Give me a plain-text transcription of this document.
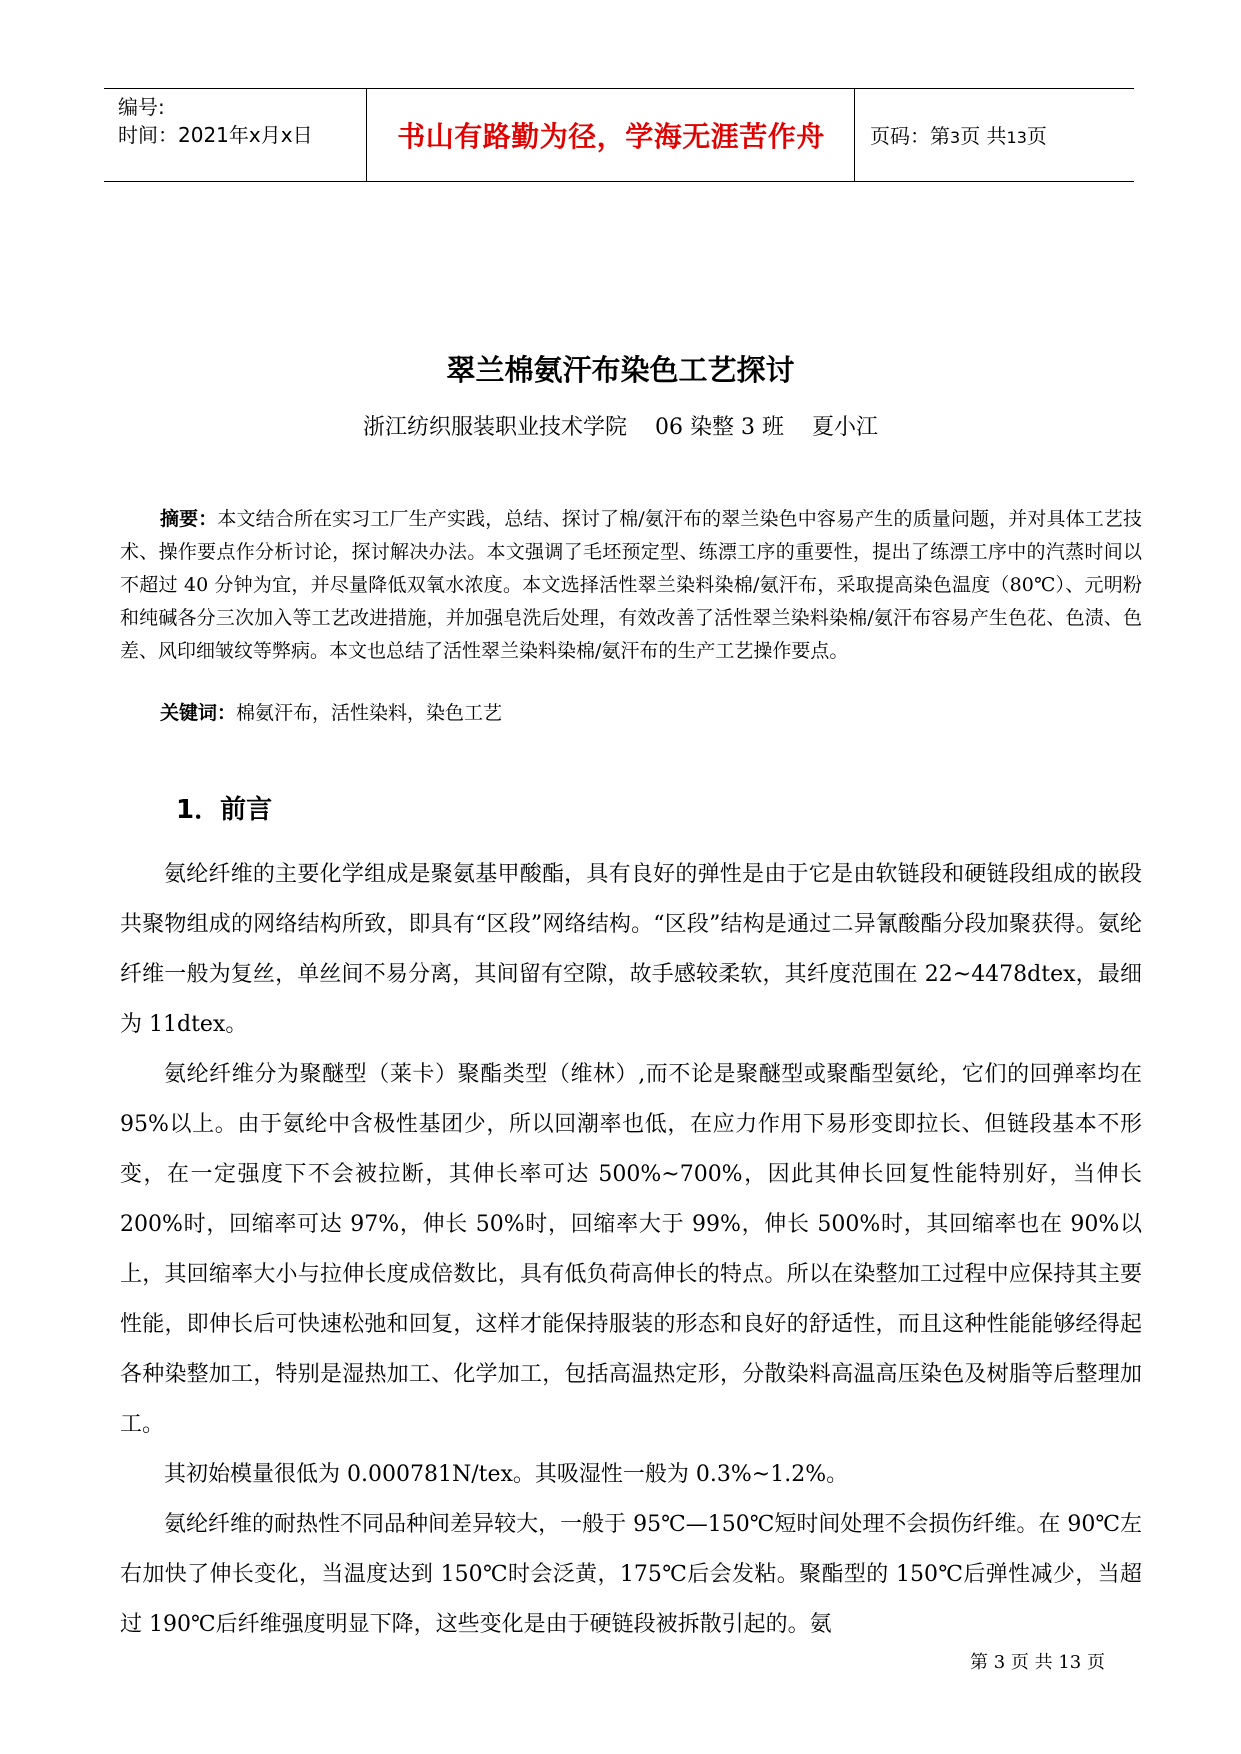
编号:
时间：2021年x月x日	书山有路勤为径，学海无涯苦作舟	页码：第3页 共13页
翠兰棉氨汗布染色工艺探讨
浙江纺织服装职业技术学院    06 染整 3 班    夏小江
摘要：本文结合所在实习工厂生产实践，总结、探讨了棉/氨汗布的翠兰染色中容易产生的质量问题，并对具体工艺技术、操作要点作分析讨论，探讨解决办法。本文强调了毛坯预定型、练漂工序的重要性，提出了练漂工序中的汽蒸时间以不超过 40 分钟为宜，并尽量降低双氧水浓度。本文选择活性翠兰染料染棉/氨汗布，采取提高染色温度（80℃）、元明粉和纯碱各分三次加入等工艺改进措施，并加强皂洗后处理，有效改善了活性翠兰染料染棉/氨汗布容易产生色花、色渍、色差、风印细皱纹等弊病。本文也总结了活性翠兰染料染棉/氨汗布的生产工艺操作要点。
关键词：棉氨汗布，活性染料，染色工艺
1．前言

氨纶纤维的主要化学组成是聚氨基甲酸酯，具有良好的弹性是由于它是由软链段和硬链段组成的嵌段共聚物组成的网络结构所致，即具有“区段”网络结构。“区段”结构是通过二异氰酸酯分段加聚获得。氨纶纤维一般为复丝，单丝间不易分离，其间留有空隙，故手感较柔软，其纤度范围在 22~4478dtex，最细为 11dtex。

氨纶纤维分为聚醚型（莱卡）聚酯类型（维林）,而不论是聚醚型或聚酯型氨纶，它们的回弹率均在 95%以上。由于氨纶中含极性基团少，所以回潮率也低，在应力作用下易形变即拉长、但链段基本不形变，在一定强度下不会被拉断，其伸长率可达 500%~700%，因此其伸长回复性能特别好，当伸长 200%时，回缩率可达 97%，伸长 50%时，回缩率大于 99%，伸长 500%时，其回缩率也在 90%以上，其回缩率大小与拉伸长度成倍数比，具有低负荷高伸长的特点。所以在染整加工过程中应保持其主要性能，即伸长后可快速松弛和回复，这样才能保持服装的形态和良好的舒适性，而且这种性能能够经得起各种染整加工，特别是湿热加工、化学加工，包括高温热定形，分散染料高温高压染色及树脂等后整理加工。

其初始模量很低为 0.000781N/tex。其吸湿性一般为 0.3%~1.2%。

氨纶纤维的耐热性不同品种间差异较大，一般于 95℃—150℃短时间处理不会损伤纤维。在 90℃左右加快了伸长变化，当温度达到 150℃时会泛黄，175℃后会发粘。聚酯型的 150℃后弹性减少，当超过 190℃后纤维强度明显下降，这些变化是由于硬链段被拆散引起的。氨

第 3 页 共 13 页
